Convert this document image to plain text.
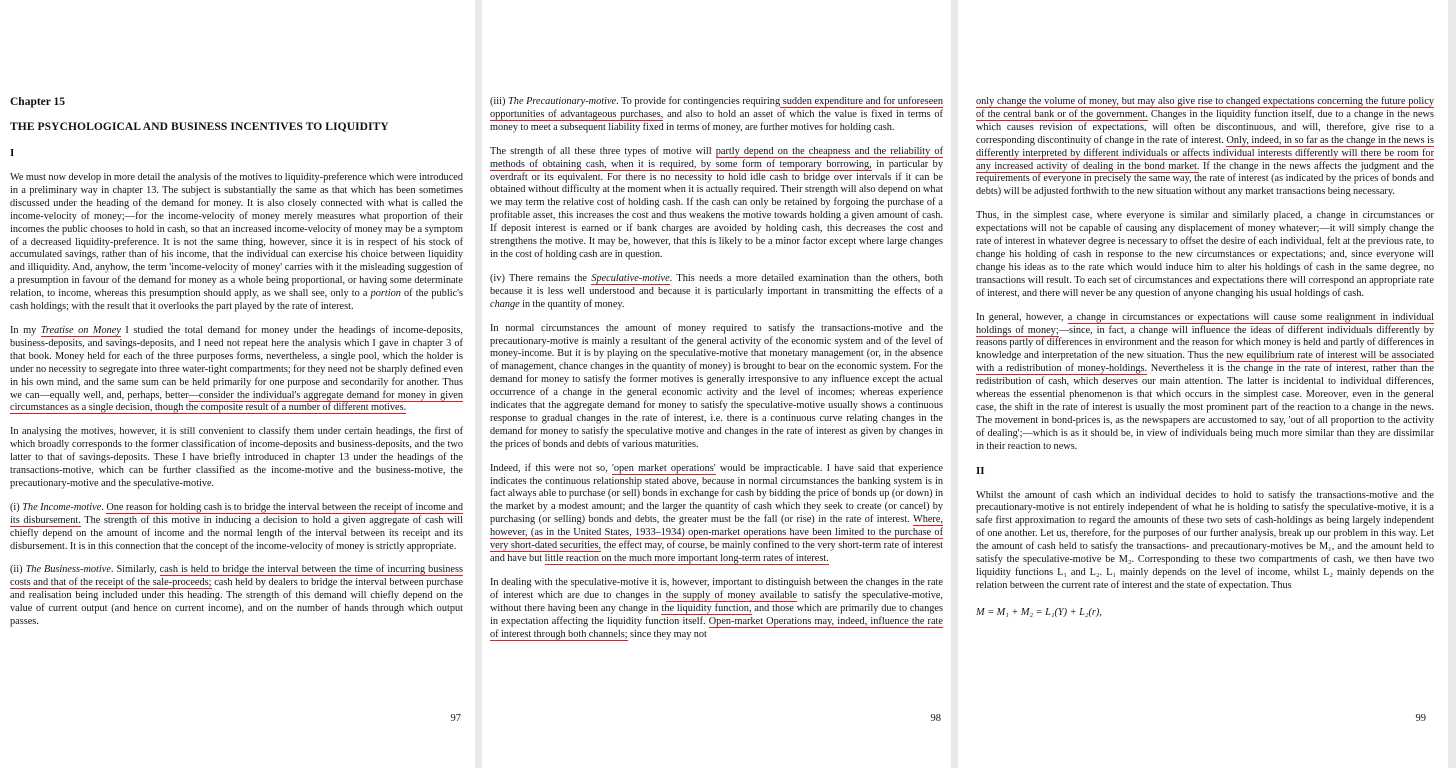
Chapter 15
THE PSYCHOLOGICAL AND BUSINESS INCENTIVES TO LIQUIDITY
I

We must now develop in more detail the analysis of the motives to liquidity-preference which were introduced in a preliminary way in chapter 13. The subject is substantially the same as that which has been sometimes discussed under the heading of the demand for money. It is also closely connected with what is called the income-velocity of money;—for the income-velocity of money merely measures what proportion of their incomes the public chooses to hold in cash, so that an increased income-velocity of money may be a symptom of a decreased liquidity-preference. It is not the same thing, however, since it is in respect of his stock of accumulated savings, rather than of his income, that the individual can exercise his choice between liquidity and illiquidity. And, anyhow, the term 'income-velocity of money' carries with it the misleading suggestion of a presumption in favour of the demand for money as a whole being proportional, or having some determinate relation, to income, whereas this presumption should apply, as we shall see, only to a portion of the public's cash holdings; with the result that it overlooks the part played by the rate of interest.

In my Treatise on Money I studied the total demand for money under the headings of income-deposits, business-deposits, and savings-deposits, and I need not repeat here the analysis which I gave in chapter 3 of that book. Money held for each of the three purposes forms, nevertheless, a single pool, which the holder is under no necessity to segregate into three water-tight compartments; for they need not be sharply defined even in his own mind, and the same sum can be held primarily for one purpose and secondarily for another. Thus we can—equally well, and, perhaps, better—consider the individual's aggregate demand for money in given circumstances as a single decision, though the composite result of a number of different motives.

In analysing the motives, however, it is still convenient to classify them under certain headings, the first of which broadly corresponds to the former classification of income-deposits and business-deposits, and the two latter to that of savings-deposits. These I have briefly introduced in chapter 13 under the headings of the transactions-motive, which can be further classified as the income-motive and the business-motive, the precautionary-motive and the speculative-motive.

(i) The Income-motive. One reason for holding cash is to bridge the interval between the receipt of income and its disbursement. The strength of this motive in inducing a decision to hold a given aggregate of cash will chiefly depend on the amount of income and the normal length of the interval between its receipt and its disbursement. It is in this connection that the concept of the income-velocity of money is strictly appropriate.

(ii) The Business-motive. Similarly, cash is held to bridge the interval between the time of incurring business costs and that of the receipt of the sale-proceeds; cash held by dealers to bridge the interval between purchase and realisation being included under this heading. The strength of this demand will chiefly depend on the value of current output (and hence on current income), and on the number of hands through which output passes.

97

(iii) The Precautionary-motive. To provide for contingencies requiring sudden expenditure and for unforeseen opportunities of advantageous purchases, and also to hold an asset of which the value is fixed in terms of money to meet a subsequent liability fixed in terms of money, are further motives for holding cash.

The strength of all these three types of motive will partly depend on the cheapness and the reliability of methods of obtaining cash, when it is required, by some form of temporary borrowing, in particular by overdraft or its equivalent. For there is no necessity to hold idle cash to bridge over intervals if it can be obtained without difficulty at the moment when it is actually required. Their strength will also depend on what we may term the relative cost of holding cash. If the cash can only be retained by forgoing the purchase of a profitable asset, this increases the cost and thus weakens the motive towards holding a given amount of cash. If deposit interest is earned or if bank charges are avoided by holding cash, this decreases the cost and strengthens the motive. It may be, however, that this is likely to be a minor factor except where large changes in the cost of holding cash are in question.

(iv) There remains the Speculative-motive. This needs a more detailed examination than the others, both because it is less well understood and because it is particularly important in transmitting the effects of a change in the quantity of money.

In normal circumstances the amount of money required to satisfy the transactions-motive and the precautionary-motive is mainly a resultant of the general activity of the economic system and of the level of money-income. But it is by playing on the speculative-motive that monetary management (or, in the absence of management, chance changes in the quantity of money) is brought to bear on the economic system. For the demand for money to satisfy the former motives is generally irresponsive to any influence except the actual occurrence of a change in the general economic activity and the level of incomes; whereas experience indicates that the aggregate demand for money to satisfy the speculative-motive usually shows a continuous response to gradual changes in the rate of interest, i.e. there is a continuous curve relating changes in the demand for money to satisfy the speculative motive and changes in the rate of interest as given by changes in the prices of bonds and debts of various maturities.

Indeed, if this were not so, 'open market operations' would be impracticable. I have said that experience indicates the continuous relationship stated above, because in normal circumstances the banking system is in fact always able to purchase (or sell) bonds in exchange for cash by bidding the price of bonds up (or down) in the market by a modest amount; and the larger the quantity of cash which they seek to create (or cancel) by purchasing (or selling) bonds and debts, the greater must be the fall (or rise) in the rate of interest. Where, however, (as in the United States, 1933–1934) open-market operations have been limited to the purchase of very short-dated securities, the effect may, of course, be mainly confined to the very short-term rate of interest and have but little reaction on the much more important long-term rates of interest.

In dealing with the speculative-motive it is, however, important to distinguish between the changes in the rate of interest which are due to changes in the supply of money available to satisfy the speculative-motive, without there having been any change in the liquidity function, and those which are primarily due to changes in expectation affecting the liquidity function itself. Open-market Operations may, indeed, influence the rate of interest through both channels; since they may not

98

only change the volume of money, but may also give rise to changed expectations concerning the future policy of the central bank or of the government. Changes in the liquidity function itself, due to a change in the news which causes revision of expectations, will often be discontinuous, and will, therefore, give rise to a corresponding discontinuity of change in the rate of interest. Only, indeed, in so far as the change in the news is differently interpreted by different individuals or affects individual interests differently will there be room for any increased activity of dealing in the bond market. If the change in the news affects the judgment and the requirements of everyone in precisely the same way, the rate of interest (as indicated by the prices of bonds and debts) will be adjusted forthwith to the new situation without any market transactions being necessary.

Thus, in the simplest case, where everyone is similar and similarly placed, a change in circumstances or expectations will not be capable of causing any displacement of money whatever;—it will simply change the rate of interest in whatever degree is necessary to offset the desire of each individual, felt at the previous rate, to change his holding of cash in response to the new circumstances or expectations; and, since everyone will change his ideas as to the rate which would induce him to alter his holdings of cash in the same degree, no transactions will result. To each set of circumstances and expectations there will correspond an appropriate rate of interest, and there will never be any question of anyone changing his usual holdings of cash.

In general, however, a change in circumstances or expectations will cause some realignment in individual holdings of money;—since, in fact, a change will influence the ideas of different individuals differently by reasons partly of differences in environment and the reason for which money is held and partly of differences in knowledge and interpretation of the new situation. Thus the new equilibrium rate of interest will be associated with a redistribution of money-holdings. Nevertheless it is the change in the rate of interest, rather than the redistribution of cash, which deserves our main attention. The latter is incidental to individual differences, whereas the essential phenomenon is that which occurs in the simplest case. Moreover, even in the general case, the shift in the rate of interest is usually the most prominent part of the reaction to a change in the news. The movement in bond-prices is, as the newspapers are accustomed to say, 'out of all proportion to the activity of dealing';—which is as it should be, in view of individuals being much more similar than they are dissimilar in their reaction to news.

II

Whilst the amount of cash which an individual decides to hold to satisfy the transactions-motive and the precautionary-motive is not entirely independent of what he is holding to satisfy the speculative-motive, it is a safe first approximation to regard the amounts of these two sets of cash-holdings as being largely independent of one another. Let us, therefore, for the purposes of our further analysis, break up our problem in this way. Let the amount of cash held to satisfy the transactions- and precautionary-motives be M₁, and the amount held to satisfy the speculative-motive be M₂. Corresponding to these two compartments of cash, we then have two liquidity functions L₁ and L₂. L₁ mainly depends on the level of income, whilst L₂ mainly depends on the relation between the current rate of interest and the state of expectation. Thus

M = M₁ + M₂ = L₁(Y) + L₂(r),
99
